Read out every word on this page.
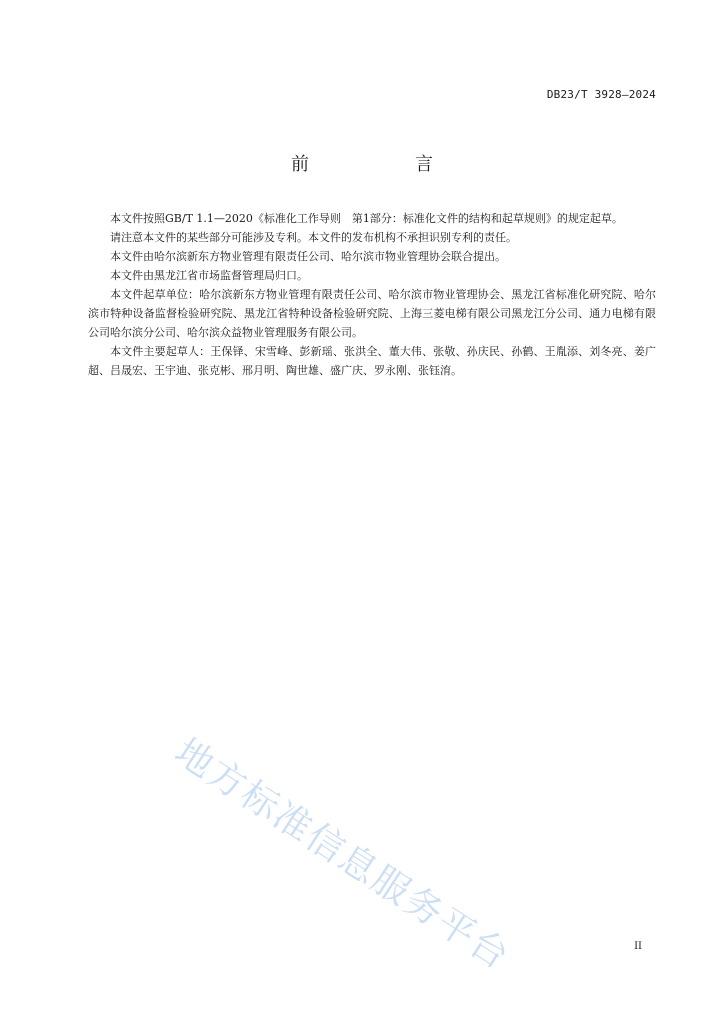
DB23/T 3928—2024
前　言

本文件按照GB/T 1.1—2020《标准化工作导则　第1部分：标准化文件的结构和起草规则》的规定起草。

请注意本文件的某些部分可能涉及专利。本文件的发布机构不承担识别专利的责任。

本文件由哈尔滨新东方物业管理有限责任公司、哈尔滨市物业管理协会联合提出。

本文件由黑龙江省市场监督管理局归口。

本文件起草单位：哈尔滨新东方物业管理有限责任公司、哈尔滨市物业管理协会、黑龙江省标准化研究院、哈尔滨市特种设备监督检验研究院、黑龙江省特种设备检验研究院、上海三菱电梯有限公司黑龙江分公司、通力电梯有限公司哈尔滨分公司、哈尔滨众益物业管理服务有限公司。

本文件主要起草人：王保铎、宋雪峰、彭新瑶、张洪全、董大伟、张敬、孙庆民、孙鹤、王胤添、刘冬亮、姜广超、吕晟宏、王宇迪、张克彬、邢月明、陶世雄、盛广庆、罗永刚、张钰淯。

地方标准信息服务平台	II
